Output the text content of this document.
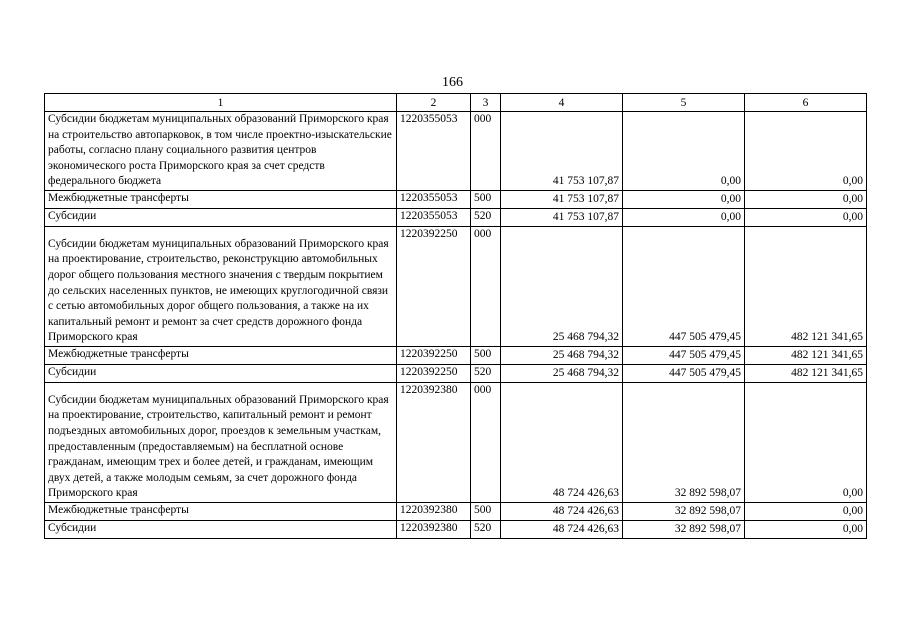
166
1	2	3	4	5	6
Субсидии бюджетам муниципальных образований Приморского края на строительство автопарковок, в том числе проектно-изыскательские работы, согласно плану социального развития центров экономического роста Приморского края за счет средств федерального бюджета	1220355053	000	41 753 107,87	0,00	0,00
Межбюджетные трансферты	1220355053	500	41 753 107,87	0,00	0,00
Субсидии	1220355053	520	41 753 107,87	0,00	0,00
Субсидии бюджетам муниципальных образований Приморского края на проектирование, строительство, реконструкцию автомобильных дорог общего пользования местного значения с твердым покрытием до сельских населенных пунктов, не имеющих круглогодичной связи с сетью автомобильных дорог общего пользования, а также на их капитальный ремонт и ремонт за счет средств дорожного фонда Приморского края	1220392250	000	25 468 794,32	447 505 479,45	482 121 341,65
Межбюджетные трансферты	1220392250	500	25 468 794,32	447 505 479,45	482 121 341,65
Субсидии	1220392250	520	25 468 794,32	447 505 479,45	482 121 341,65
Субсидии бюджетам муниципальных образований Приморского края на проектирование, строительство, капитальный ремонт и ремонт подъездных автомобильных дорог, проездов к земельным участкам, предоставленным (предоставляемым) на бесплатной основе гражданам, имеющим трех и более детей, и гражданам, имеющим двух детей, а также молодым семьям, за счет дорожного фонда Приморского края	1220392380	000	48 724 426,63	32 892 598,07	0,00
Межбюджетные трансферты	1220392380	500	48 724 426,63	32 892 598,07	0,00
Субсидии	1220392380	520	48 724 426,63	32 892 598,07	0,00
